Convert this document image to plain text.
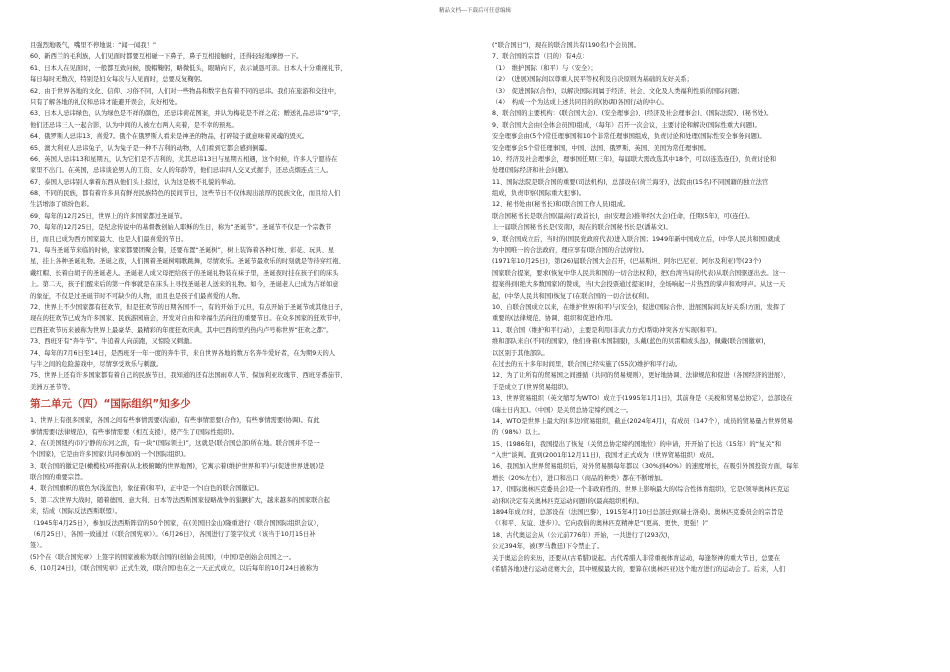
精品文档---下载后可任意编辑
且强烈地吸气，嘴里不停地说：“闻一闻我！”
60、新西兰的毛利族，人们见面时都要互相碰一下鼻子，鼻子互相接触时，还得轻轻地摩擦一下。
61、日本人在见面时，一般都互致问候，脱帽鞠躬，略微低头，眼睛向下，表示诚恳可亲。日本人十分重视礼节，
每日每时无数次，特别是妇女每次与人见面时，总要反复鞠躬。
62、由于世界各地的文化、信仰、习俗不同，人们对一些物品和数字也有着不同的忌讳。我们在旅游和交往中，
只有了解各地的礼仪和忌讳才能避开误会，友好相处。
63、日本人忌讳绿色，认为绿色是不祥的颜色，还忌讳荷花图案，并认为梅花是不祥之花；赠送礼品忌讳“9”字，
他们还忌讳三人一起合影，认为中间的人被左右两人夹着，是不幸的预兆。
64、俄罗斯人忌讳13、喜爱7。俄个在俄罗斯人看来是神圣的物品，打碎镜子就意味着灵魂的毁灭。
65、澳大利亚人忌讳兔子，认为兔子是一种不吉利的动物，人们看到它都会感到倒霉。
66、英国人忌讳13和星期五，认为它们是不吉利的，尤其忌讳13日与星期五相遇，这个时候，许多人宁愿待在
家里不出门。在英国，忌讳谈论男人的工资、女人的年龄等，他们忌讳四人交叉式握手，还忌点烟连点三人。
67、泰国人忌讳别人拿着东西从他们头上掠过，认为这是极不礼貌的举动。
68、不同的民族，都有着许多具有鲜亮民族特色的民间节日，这些节日不仅体现出浓厚的民族文化，而且给人们
生活增添了缤纷色彩。
69、每年的12月25日，世界上的许多国家都过圣诞节。
70、每年的12月25日，是纪念传说中的基督教创始人耶稣的生日，称为“圣诞节”。圣诞节不仅是一个宗教节
日，而且已成为西方国家最大、也是人们最喜爱的节日。
71、每当圣诞节来临的时候，家家都要团聚会餐，还要布置“圣诞树”，树上装饰着各种灯烛、彩花、玩具、星
星，挂上各种圣诞礼物。圣诞之夜，人们围着圣诞树唱歌跳舞，尽情欢乐。圣诞节最欢乐的时刻就是等待穿红袍、
戴红帽、长着白胡子的圣诞老人。圣诞老人成父母把给孩子的圣诞礼物装在袜子里，圣诞夜时挂在孩子们的床头
上。第二天，孩子们醒来后的第一件事就是在床头上寻找圣诞老人送来的礼物。如今，圣诞老人已成为吉祥如意
的象征，不仅是过圣诞节时不可缺少的人物，而且也是孩子们最喜爱的人物。
72、世界上不少国家都有狂欢节，但是狂欢节的日期各国不一，有的开始于元旦，有点开始于圣诞节或其他日子，
现在的狂欢节已成为许多国家、民族游园庙会，开发对自由和幸福生活向往的重要节日。在众多国家的狂欢节中，
巴西狂欢节历来被称为世界上最豪华、最精彩的年度狂欢庆典，其中巴西的里约热内卢号称世界“狂欢之都”。
73、西班牙有“奔牛节”。牛追着人向前跑，又惊险又刺激。
74、每年的7月6日至14日，是西班牙一年一度的奔牛节，来自世界各地的数万名奔牛爱好者，在为期9天的人
与牛之间的危险游戏中，尽情享受欢乐与刺激。
75、世界上还有许多国家都有着自己的民族节日，我知道的还有法国雨草人节、保加利亚玫瑰节、西班牙番茄节、
美洲万圣节等。
第二单元（四）“国际组织”知多少
1、世界上有很多国家，各国之间有些事情需要(沟通)，有些事情需要(合作)，有些事情需要(协调)。有此
事情需要(法律规范)，有些事情需要（相互支援），使产生了(国际性组织)。
2、在(美国纽约市)宁静的东河之滨，有一块“(国际领土)”，这就是(联合国总部)所在地。联合国并不是一
个(国家)，它是由许多国家(共同参加)的一个(国际组织)。
3、联合国的徽记是(橄榄枝)环抱着(从北极俯瞰的世界地图)，它寓示着(维护世界和平)与(促进世界进展)是
联合国的重要宗旨。
4、联合国旗帜的底色为(浅蓝色)，象征着(和平)，正中是一个(白色的联合国徽记)。
5、第二次世界大战时，随着德国、意大利、日本等法西斯国家侵略战争的猖獗扩大，越来越多的国家联合起
来，结成（国际反法西斯联盟）。
（1945年4月25日），参加反法西斯阵营的50个国家，在(美国旧金山)隆重进行（联合国国际组织会议），
（6月25日），各国一致通过（《联合国宪章》）。（6月26日），各国进行了签字仪式（该当于10月15日补
签）。
(5)个在（联合国宪章）上签字的国家被称为联合国的(创始会员国)，（中国)是创始会员国之一。
6、(10月24日)，《联合国宪章》正式生效，(联合国)也在之一天正式成立，以后每年的10月24日被称为
(“联合国日”)，现在的联合国共有(190名)个会员国。
7、联合国的宗旨（目的）有4点：
（1）　维护国际（和平）与（安全）；
（2）　(进展)国际间以尊重人民平等权利及自决原则为基础的友好关系；
（3）　促进国际(合作)，以解决国际间属于经济、社会、文化及人类福利性质的国际问题；
（4）　构成一个为达成上述共同目的的(协调)各国行动的中心。
8、联合国的主要机构：(联合国大会)、(安全理事会)、(经济及社会理事会)、(国际法院)、(秘书处)。
9、联合国大会由(全体会员国)组成，（每年）召开一次会议，主要讨论和解决(国际性重大问题)。
安全理事会由(5个)常任理事国和10个非常任理事国组成，负责讨论和处理(国际性安全事务问题)。
安全理事会5个常任理事国，中国、法国、俄罗斯、英国、美国为常任理事国。
10、经济及社会理事会，理事国任期(三年)，每届联大需改选其中18个，可以(连选连任)，负责讨论和
处理(国际经济和社会问题)。
11、国际法院是联合国的重要(司法机构)，总部设在(荷兰海牙)，法院由(15名)不同国籍的独立法官
组成，负责审察(国际重大犯事)。
12、秘书处由(秘书长)和(联合国工作人员)组成。
联合国秘书长是联合国(最高行政首长)，由(安理会)推举经(大会)任命，任期(5年)，可(连任)。
上一届联合国秘书长是(安南)，现在的联合国秘书长是(潘基文)。
9、联合国成立后，当时的(国民党政府代表)进入联合国；1949年新中国成立后，(中华人民共和国)就成
为中国唯一的合法政府，理应享有(联合国的合法席位)。
(1971年10月25日)，第(26)届联合国大会召开，(巴基斯坦、阿尔巴尼亚、阿尔及利亚)等(23个)
国家联合提案，要求(恢复中华人民共和国的一切合法权利)，把(台湾当局的代表)从联合国驱逐出去。这一
提案得到(绝大多数国家)的赞成，当(大会投票通过提案)时，全场响起一片热烈的掌声和欢呼声。从这一天
起，(中华人民共和国)恢复了(在联合国的一切合法权利)。
10、自联合国成立以来，在维护世界(和平)与(安全)，促进(国际合作、进展国际间友好关系)方面，发挥了
重要的(法律规范、协调、组织和促进)作用。
11、联合国（维护和平行动），主要是利用(非武力方式)帮助冲突各方实现(和平)。
维和部队来自(不同的国家)，他们身着(本国制服)，头戴(蓝色的贝雷帽或头盔)，佩戴(联合国徽章)，
以区别于其他部队。
在过去的五十多年时间里，联合国已经实施了(55次)维护和平行动。
12、为了让所有的贸易国之间遵循（共同的贸易规则），更好地协调、法律规范和促进（各国经济的进展），
于是成立了(世界贸易组织)。
13、世界贸易组织（英文缩写为WTO）成立于(1995年1月1日)，其前身是（关税和贸易总协定），总部设在
(瑞士日内瓦)。（中国）是关贸总协定缔约国之一。
14、WTO是世界上最大的(多边)贸易组织，截止(2024年4月)，有成员（147个），成员的贸易量占世界贸易
的（98%）以上。
15、(1986年)，我国提出了恢复（关贸总协定缔约国地位）的申请，开开始了长达（15年）的“复关”和
“入世”谈判。直到(2001年12月11日)，我国才正式成为（世界贸易组织）成员。
16、我国加入世界贸易组织后，对外贸易额每年都以（30%到40%）的速度增长，在吸引外国投资方面，每年
增长（20%左右），进口和出口（商品的种类）都在不断增加。
17、(国际奥林匹克委员会)是一个非政府性的、世界上影响最大的(综合性体育组织)，它是(领导奥林匹克运
动)和(决定有关奥林匹克运动问题)的(最高组织机构)。
1894年成立时，总部设在（法国巴黎），1915年4月10日总部迁到(瑞士洛桑)。奥林匹克委员会的宗旨是
《（和平、友谊、进步）》。它向我倡的奥林匹克精神是“(更高、更快、更强！)”
18、古代奥运会从（公元前776年）开始，一共进行了(293次)，
公元394年，被(罗马教廷)下令禁止了。
关于奥运会的来历，还要从(古希腊)说起。古代希腊人非常重视体育运动，每逢祭神的重大节日，总要在
(希腊各地)进行运动竞赛大会，其中规模最大的，要算在(奥林匹亚)这个地方进行的运动会了。后来，人们
